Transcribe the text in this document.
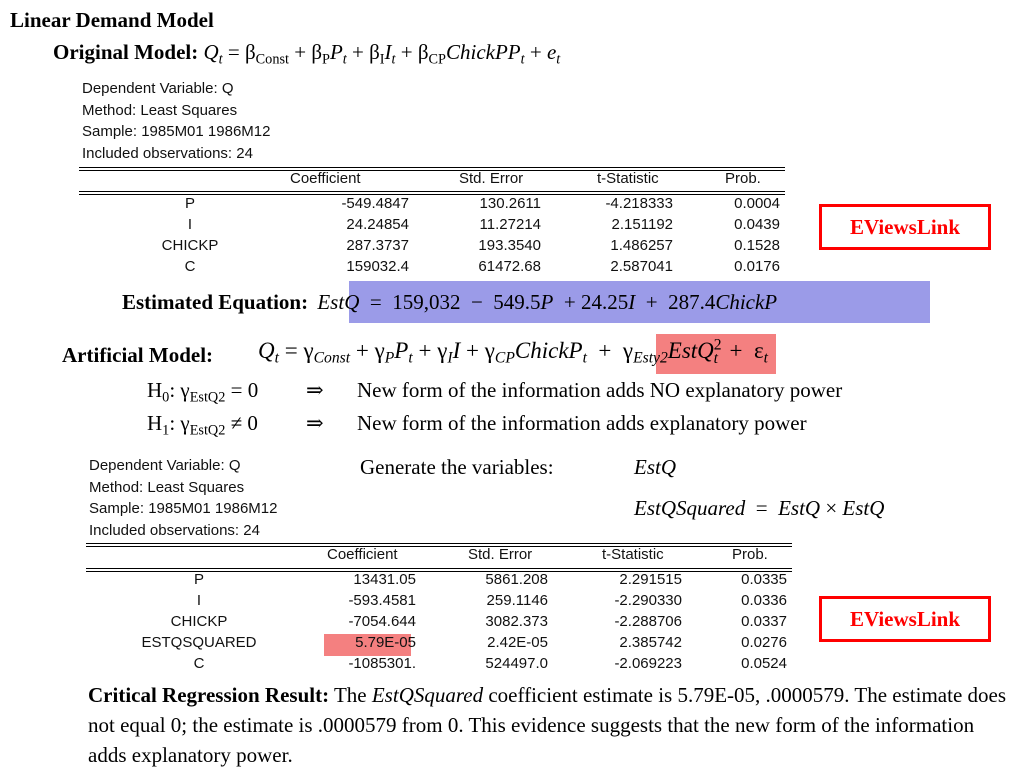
Linear Demand Model
Original Model: $Q_t = \beta_{Const} + \beta_PP_t + \beta_II_t$ + $\beta_{CP}ChickPP_t + e_t$
Dependent Variable: Q
Method: Least Squares
Sample: 1985M01 1986M12
Included observations: 24
Coefficient	Std. Error	t-Statistic	Prob.
P	-549.4847	130.2611	-4.218333	0.0004
I	24.24854	11.27214	2.151192	0.0439
CHICKP	287.3737	193.3540	1.486257	0.1528
C	159032.4	61472.68	2.587041	0.0176
EViewsLink
Estimated Equation: EstQ = 159,032 − 549.5P + 24.25I + 287.4ChickP
Artificial Model: $Q_t = \gamma_{Const} + \gamma_PP_t + \gamma_II$ + $\gamma_{CP}ChickP_t$ + $\gamma_{Esty2}EstQ^2_t + \varepsilon_t$
$H_0$: $\gamma_{EstQ2} = 0$ ⇒ New form of the information adds NO explanatory power
$H_1$: $\gamma_{EstQ2} \ne 0$ ⇒ New form of the information adds explanatory power
Generate the variables:	EstQ
EstQSquared = EstQ × EstQ
Dependent Variable: Q
Method: Least Squares
Sample: 1985M01 1986M12
Included observations: 24
Coefficient	Std. Error	t-Statistic	Prob.
P	13431.05	5861.208	2.291515	0.0335
I	-593.4581	259.1146	-2.290330	0.0336
CHICKP	-7054.644	3082.373	-2.288706	0.0337
ESTQSQUARED	5.79E-05	2.42E-05	2.385742	0.0276
C	-1085301.	524497.0	-2.069223	0.0524
EViewsLink
Critical Regression Result: The EstQSquared coefficient estimate is 5.79E-05, .0000579. The estimate does not equal 0; the estimate is .0000579 from 0. This evidence suggests that the new form of the information adds explanatory power.
